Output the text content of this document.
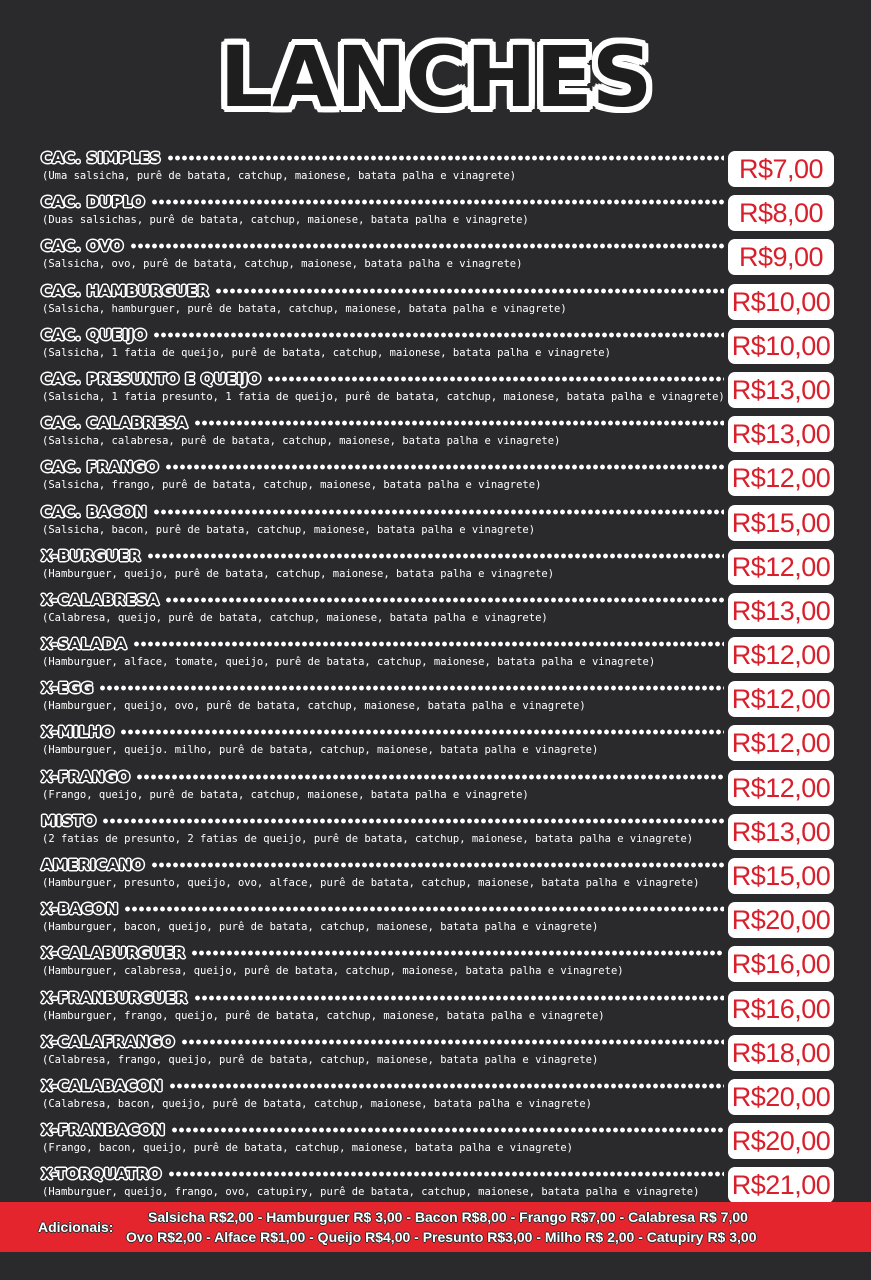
LANCHES
CAC. SIMPLES
(Uma salsicha, purê de batata, catchup, maionese, batata palha e vinagrete)	R$7,00
CAC. DUPLO
(Duas salsichas, purê de batata, catchup, maionese, batata palha e vinagrete)	R$8,00
CAC. OVO
(Salsicha, ovo, purê de batata, catchup, maionese, batata palha e vinagrete)	R$9,00
CAC. HAMBURGUER
(Salsicha, hamburguer, purê de batata, catchup, maionese, batata palha e vinagrete)	R$10,00
CAC. QUEIJO
(Salsicha, 1 fatia de queijo, purê de batata, catchup, maionese, batata palha e vinagrete)	R$10,00
CAC. PRESUNTO E QUEIJO
(Salsicha, 1 fatia presunto, 1 fatia de queijo, purê de batata, catchup, maionese, batata palha e vinagrete) R$13,00
CAC. CALABRESA
(Salsicha, calabresa, purê de batata, catchup, maionese, batata palha e vinagrete)	R$13,00
CAC. FRANGO
(Salsicha, frango, purê de batata, catchup, maionese, batata palha e vinagrete)	R$12,00
CAC. BACON
(Salsicha, bacon, purê de batata, catchup, maionese, batata palha e vinagrete)	R$15,00
X-BURGUER
(Hamburguer, queijo, purê de batata, catchup, maionese, batata palha e vinagrete)	R$12,00
X-CALABRESA
(Calabresa, queijo, purê de batata, catchup, maionese, batata palha e vinagrete)	R$13,00
X-SALADA
(Hamburguer, alface, tomate, queijo, purê de batata, catchup, maionese, batata palha e vinagrete)	R$12,00
X-EGG
(Hamburguer, queijo, ovo, purê de batata, catchup, maionese, batata palha e vinagrete)	R$12,00
X-MILHO
(Hamburguer, queijo. milho, purê de batata, catchup, maionese, batata palha e vinagrete)	R$12,00
X-FRANGO
(Frango, queijo, purê de batata, catchup, maionese, batata palha e vinagrete)	R$12,00
MISTO
(2 fatias de presunto, 2 fatias de queijo, purê de batata, catchup, maionese, batata palha e vinagrete) R$13,00
AMERICANO
(Hamburguer, presunto, queijo, ovo, alface, purê de batata, catchup, maionese, batata palha e vinagrete) R$15,00
X-BACON
(Hamburguer, bacon, queijo, purê de batata, catchup, maionese, batata palha e vinagrete)	R$20,00
X-CALABURGUER
(Hamburguer, calabresa, queijo, purê de batata, catchup, maionese, batata palha e vinagrete)	R$16,00
X-FRANBURGUER
(Hamburguer, frango, queijo, purê de batata, catchup, maionese, batata palha e vinagrete)	R$16,00
X-CALAFRANGO
(Calabresa, frango, queijo, purê de batata, catchup, maionese, batata palha e vinagrete)	R$18,00
X-CALABACON
(Calabresa, bacon, queijo, purê de batata, catchup, maionese, batata palha e vinagrete)	R$20,00
X-FRANBACON
(Frango, bacon, queijo, purê de batata, catchup, maionese, batata palha e vinagrete)	R$20,00
X-TORQUATRO
(Hamburguer, queijo, frango, ovo, catupiry, purê de batata, catchup, maionese, batata palha e vinagrete) R$21,00
Adicionais:
Salsicha R$2,00 - Hamburguer R$ 3,00 - Bacon R$8,00 - Frango R$7,00 - Calabresa R$ 7,00
Ovo R$2,00 - Alface R$1,00 - Queijo R$4,00 - Presunto R$3,00 - Milho R$ 2,00 - Catupiry R$ 3,00
